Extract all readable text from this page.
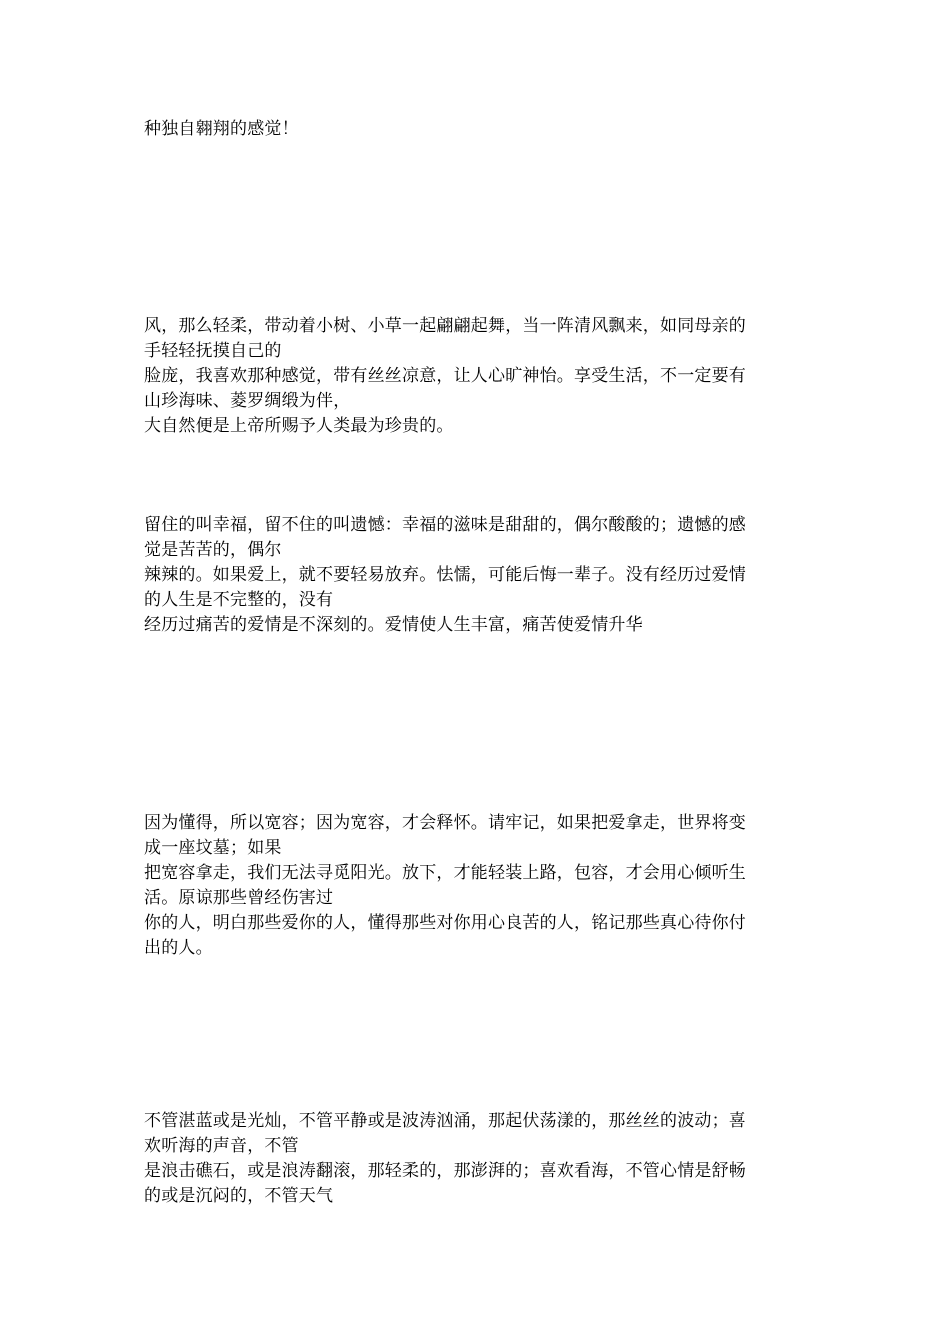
种独自翱翔的感觉！
风，那么轻柔，带动着小树、小草一起翩翩起舞，当一阵清风飘来，如同母亲的
手轻轻抚摸自己的
脸庞，我喜欢那种感觉，带有丝丝凉意，让人心旷神怡。享受生活，不一定要有
山珍海味、菱罗绸缎为伴，
大自然便是上帝所赐予人类最为珍贵的。
留住的叫幸福，留不住的叫遗憾：幸福的滋味是甜甜的，偶尔酸酸的；遗憾的感
觉是苦苦的，偶尔
辣辣的。如果爱上，就不要轻易放弃。怯懦，可能后悔一辈子。没有经历过爱情
的人生是不完整的，没有
经历过痛苦的爱情是不深刻的。爱情使人生丰富，痛苦使爱情升华
因为懂得，所以宽容；因为宽容，才会释怀。请牢记，如果把爱拿走，世界将变
成一座坟墓；如果
把宽容拿走，我们无法寻觅阳光。放下，才能轻装上路，包容，才会用心倾听生
活。原谅那些曾经伤害过
你的人，明白那些爱你的人，懂得那些对你用心良苦的人，铭记那些真心待你付
出的人。
不管湛蓝或是光灿，不管平静或是波涛汹涌，那起伏荡漾的，那丝丝的波动；喜
欢听海的声音，不管
是浪击礁石，或是浪涛翻滚，那轻柔的，那澎湃的；喜欢看海，不管心情是舒畅
的或是沉闷的，不管天气
